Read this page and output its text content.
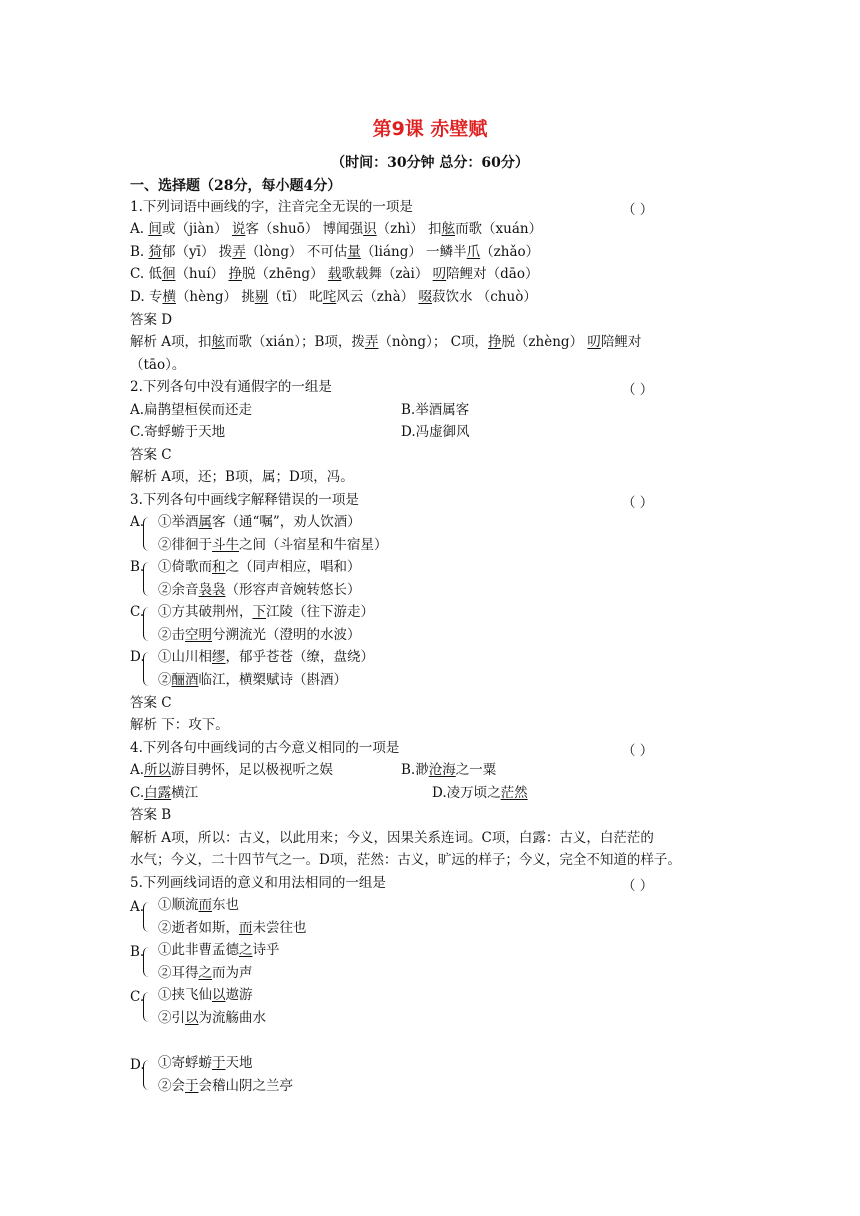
第9课 赤壁赋
（时间：30分钟 总分：60分）
一、选择题（28分，每小题4分）
1.下列词语中画线的字，注音完全无误的一项是	（ ）
A. 间或（jiàn） 说客（shuō） 博闻强识（zhì） 扣舷而歌（xuán）
B. 猗郁（yī） 拨弄（lòng） 不可估量（liáng） 一鳞半爪（zhǎo）
C. 低徊（huí） 挣脱（zhēng） 载歌载舞（zài） 叨陪鲤对（dāo）
D. 专横（hèng） 挑剔（tī） 叱咤风云（zhà） 啜菽饮水 （chuò）
答案 D
解析 A项，扣舷而歌（xián）；B项，拨弄（nòng）； C项，挣脱（zhèng） 叨陪鲤对
（tāo）。
2.下列各句中没有通假字的一组是	（ ）
A.扁鹊望桓侯而还走	B.举酒属客
C.寄蜉蝣于天地	D.冯虚御风
答案 C
解析 A项，还；B项，属；D项，冯。
3.下列各句中画线字解释错误的一项是	（ ）
A. ①举酒属客（通“嘱”，劝人饮酒）
②徘徊于斗牛之间（斗宿星和牛宿星）
B. ①倚歌而和之（同声相应，唱和）
②余音袅袅（形容声音婉转悠长）
C. ①方其破荆州，下江陵（往下游走）
②击空明兮溯流光（澄明的水波）
D. ①山川相缪，郁乎苍苍（缭，盘绕）
②酾酒临江，横槊赋诗（斟酒）
答案 C
解析 下：攻下。
4.下列各句中画线词的古今意义相同的一项是	（ ）
A.所以游目骋怀，足以极视听之娱	B.渺沧海之一粟
C.白露横江	D.凌万顷之茫然
答案 B
解析 A项，所以：古义，以此用来；今义，因果关系连词。C项，白露：古义，白茫茫的
水气；今义，二十四节气之一。D项，茫然：古义，旷远的样子；今义，完全不知道的样子。
5.下列画线词语的意义和用法相同的一组是	（ ）
A. ①顺流而东也
②逝者如斯，而未尝往也
B. ①此非曹孟德之诗乎
②耳得之而为声
C. ①挟飞仙以遨游
②引以为流觞曲水
D. ①寄蜉蝣于天地
②会于会稽山阴之兰亭
